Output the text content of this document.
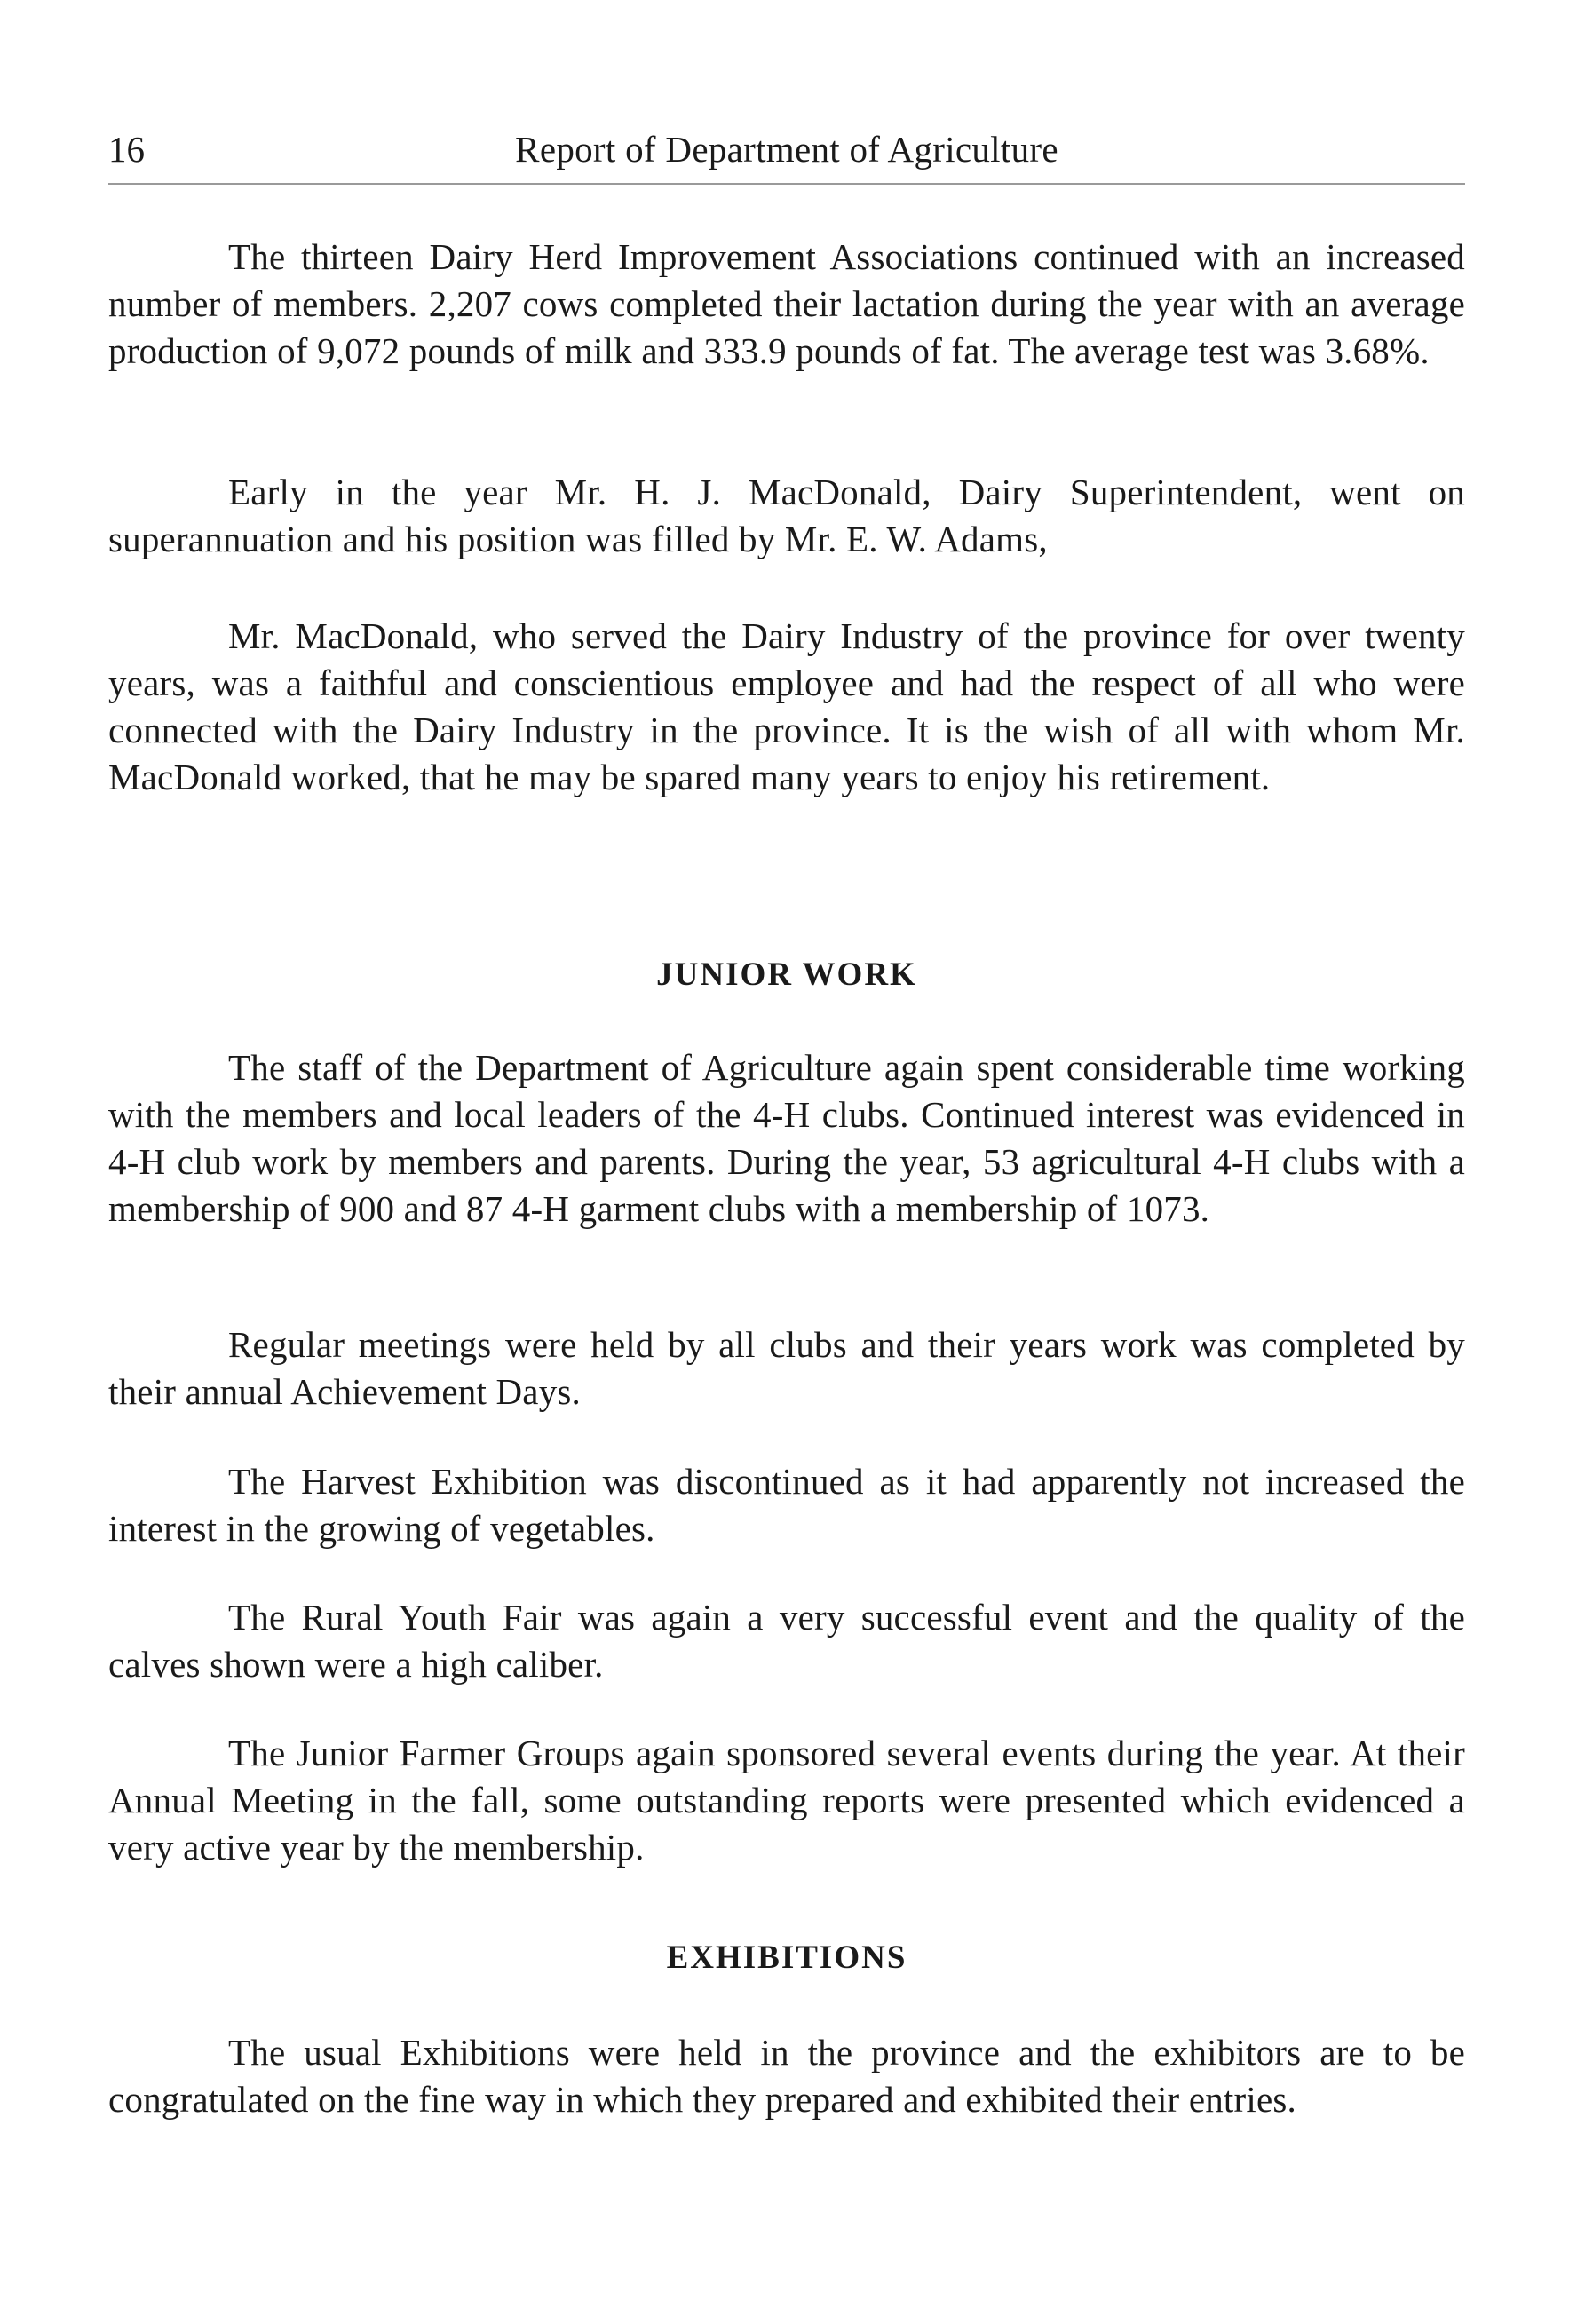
16	Report of Department of Agriculture

The thirteen Dairy Herd Improvement Associations continued with an increased number of members. 2,207 cows completed their lactation during the year with an average production of 9,072 pounds of milk and 333.9 pounds of fat. The average test was 3.68%.

Early in the year Mr. H. J. MacDonald, Dairy Superintendent, went on superannuation and his position was filled by Mr. E. W. Adams,

Mr. MacDonald, who served the Dairy Industry of the province for over twenty years, was a faithful and conscientious employee and had the respect of all who were connected with the Dairy Industry in the province. It is the wish of all with whom Mr. MacDonald worked, that he may be spared many years to enjoy his retirement.

JUNIOR WORK

The staff of the Department of Agriculture again spent considerable time working with the members and local leaders of the 4-H clubs. Continued interest was evidenced in 4-H club work by members and parents. During the year, 53 agricultural 4-H clubs with a membership of 900 and 87 4-H garment clubs with a membership of 1073.

Regular meetings were held by all clubs and their years work was completed by their annual Achievement Days.

The Harvest Exhibition was discontinued as it had apparently not increased the interest in the growing of vegetables.

The Rural Youth Fair was again a very successful event and the quality of the calves shown were a high caliber.

The Junior Farmer Groups again sponsored several events during the year. At their Annual Meeting in the fall, some outstanding reports were presented which evidenced a very active year by the membership.

EXHIBITIONS

The usual Exhibitions were held in the province and the exhibitors are to be congratulated on the fine way in which they prepared and exhibited their entries.
